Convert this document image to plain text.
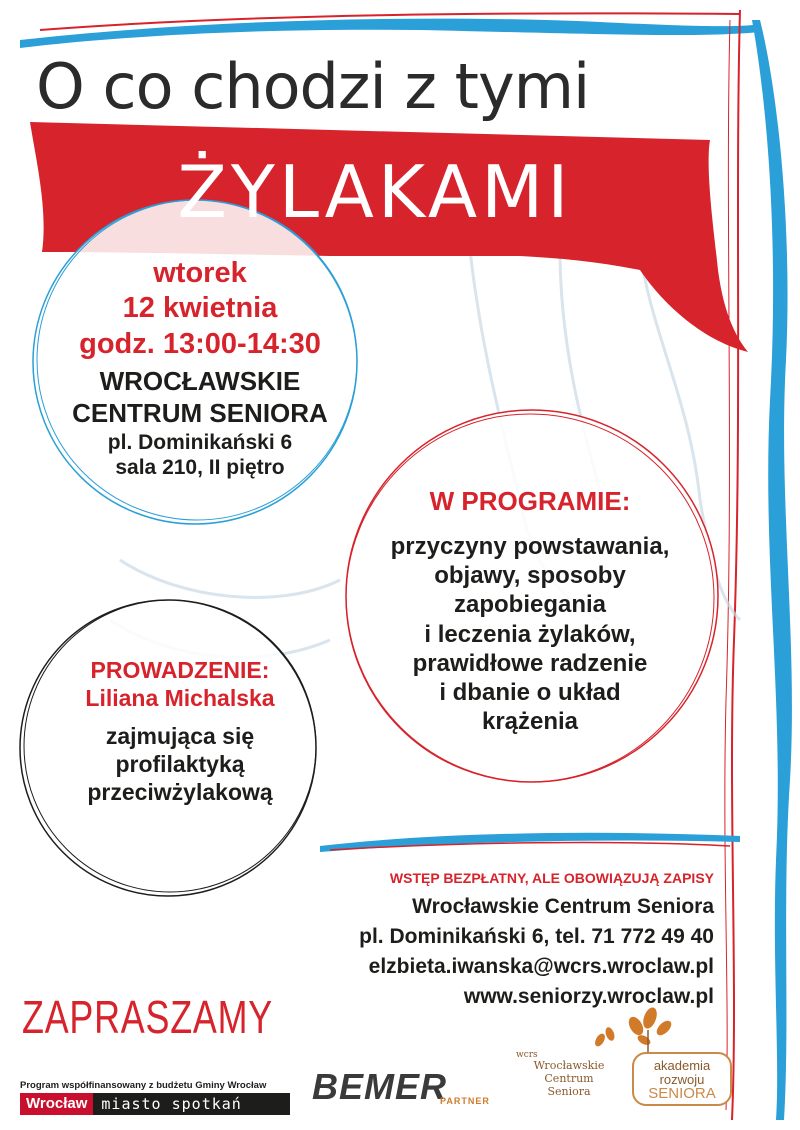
O co chodzi z tymi
ŻYLAKAMI
wtorek
12 kwietnia
godz. 13:00-14:30
WROCŁAWSKIE
CENTRUM SENIORA
pl. Dominikański 6
sala 210, II piętro
W PROGRAMIE:
przyczyny powstawania,
objawy, sposoby
zapobiegania
i leczenia żylaków,
prawidłowe radzenie
i dbanie o układ
krążenia
PROWADZENIE:
Liliana Michalska
zajmująca się
profilaktyką
przeciwżylakową
WSTĘP BEZPŁATNY, ALE OBOWIĄZUJĄ ZAPISY
Wrocławskie Centrum Seniora
pl. Dominikański 6, tel. 71 772 49 40
elzbieta.iwanska@wcrs.wroclaw.pl
www.seniorzy.wroclaw.pl
ZAPRASZAMY
Program współfinansowany z budżetu Gminy Wrocław
Wrocław miasto spotkań	BEMER
PARTNER
wcrs
Wrocławskie
Centrum
Seniora
akademia
rozwoju
SENIORA
